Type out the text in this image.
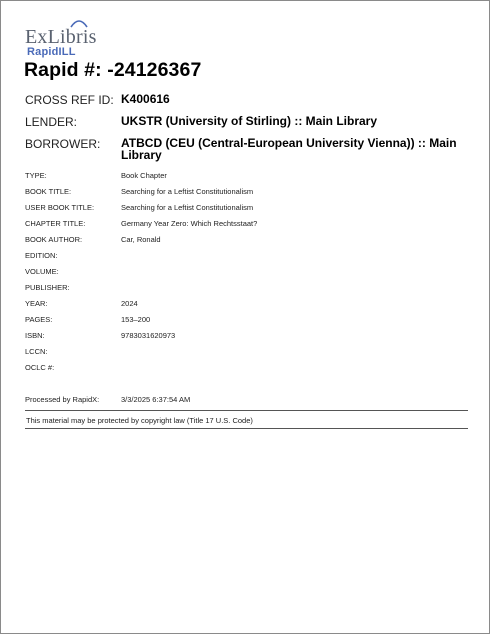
ExLibris
RapidILL
Rapid #: -24126367
CROSS REF ID: K400616
LENDER:	UKSTR (University of Stirling) :: Main Library
BORROWER: ATBCD (CEU (Central-European University Vienna)) :: Main Library
TYPE:	Book Chapter
BOOK TITLE:	Searching for a Leftist Constitutionalism
USER BOOK TITLE:	Searching for a Leftist Constitutionalism
CHAPTER TITLE:	Germany Year Zero: Which Rechtsstaat?
BOOK AUTHOR:	Car, Ronald
EDITION:
VOLUME:
PUBLISHER:
YEAR:	2024
PAGES:	153–200
ISBN:	9783031620973
LCCN:
OCLC #:
Processed by RapidX:	3/3/2025 6:37:54 AM
This material may be protected by copyright law (Title 17 U.S. Code)
